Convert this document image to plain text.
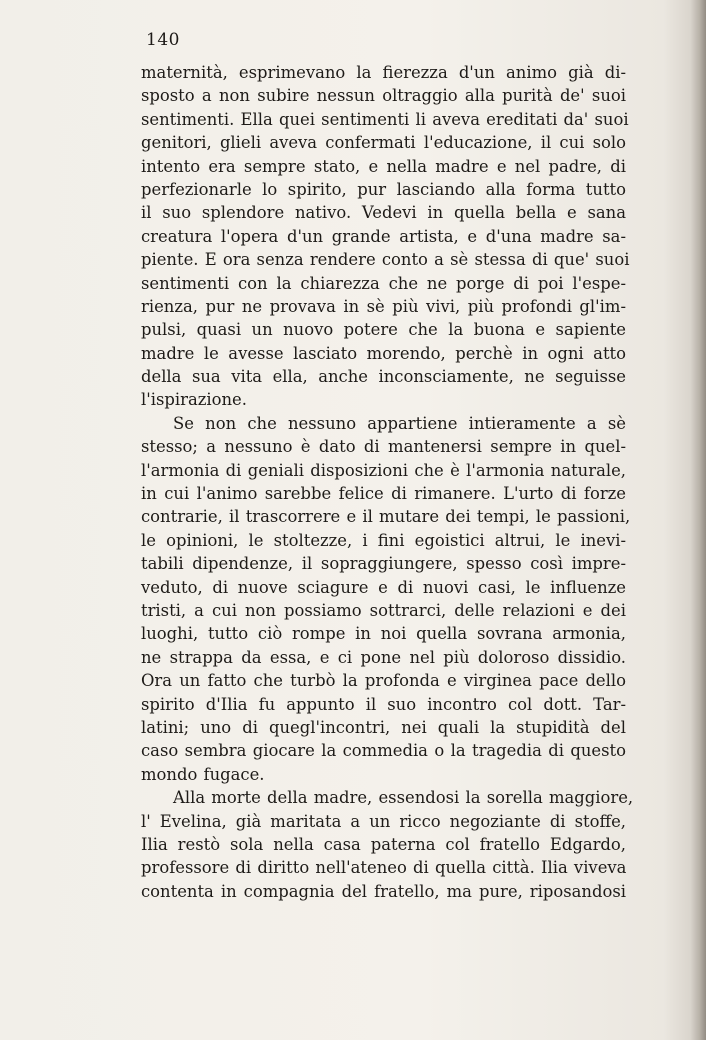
140
maternità, esprimevano la fierezza d'un animo già di-
sposto a non subire nessun oltraggio alla purità de' suoi
sentimenti. Ella quei sentimenti li aveva ereditati da' suoi
genitori, glieli aveva confermati l'educazione, il cui solo
intento era sempre stato, e nella madre e nel padre, di
perfezionarle lo spirito, pur lasciando alla forma tutto
il suo splendore nativo. Vedevi in quella bella e sana
creatura l'opera d'un grande artista, e d'una madre sa-
piente. E ora senza rendere conto a sè stessa di que' suoi
sentimenti con la chiarezza che ne porge di poi l'espe-
rienza, pur ne provava in sè più vivi, più profondi gl'im-
pulsi, quasi un nuovo potere che la buona e sapiente
madre le avesse lasciato morendo, perchè in ogni atto
della sua vita ella, anche inconsciamente, ne seguisse
l'ispirazione.
Se non che nessuno appartiene intieramente a sè
stesso; a nessuno è dato di mantenersi sempre in quel-
l'armonia di geniali disposizioni che è l'armonia naturale,
in cui l'animo sarebbe felice di rimanere. L'urto di forze
contrarie, il trascorrere e il mutare dei tempi, le passioni,
le opinioni, le stoltezze, i fini egoistici altrui, le inevi-
tabili dipendenze, il sopraggiungere, spesso così impre-
veduto, di nuove sciagure e di nuovi casi, le influenze
tristi, a cui non possiamo sottrarci, delle relazioni e dei
luoghi, tutto ciò rompe in noi quella sovrana armonia,
ne strappa da essa, e ci pone nel più doloroso dissidio.
Ora un fatto che turbò la profonda e virginea pace dello
spirito d'Ilia fu appunto il suo incontro col dott. Tar-
latini; uno di quegl'incontri, nei quali la stupidità del
caso sembra giocare la commedia o la tragedia di questo
mondo fugace.
Alla morte della madre, essendosi la sorella maggiore,
l' Evelina, già maritata a un ricco negoziante di stoffe,
Ilia restò sola nella casa paterna col fratello Edgardo,
professore di diritto nell'ateneo di quella città. Ilia viveva
contenta in compagnia del fratello, ma pure, riposandosi
